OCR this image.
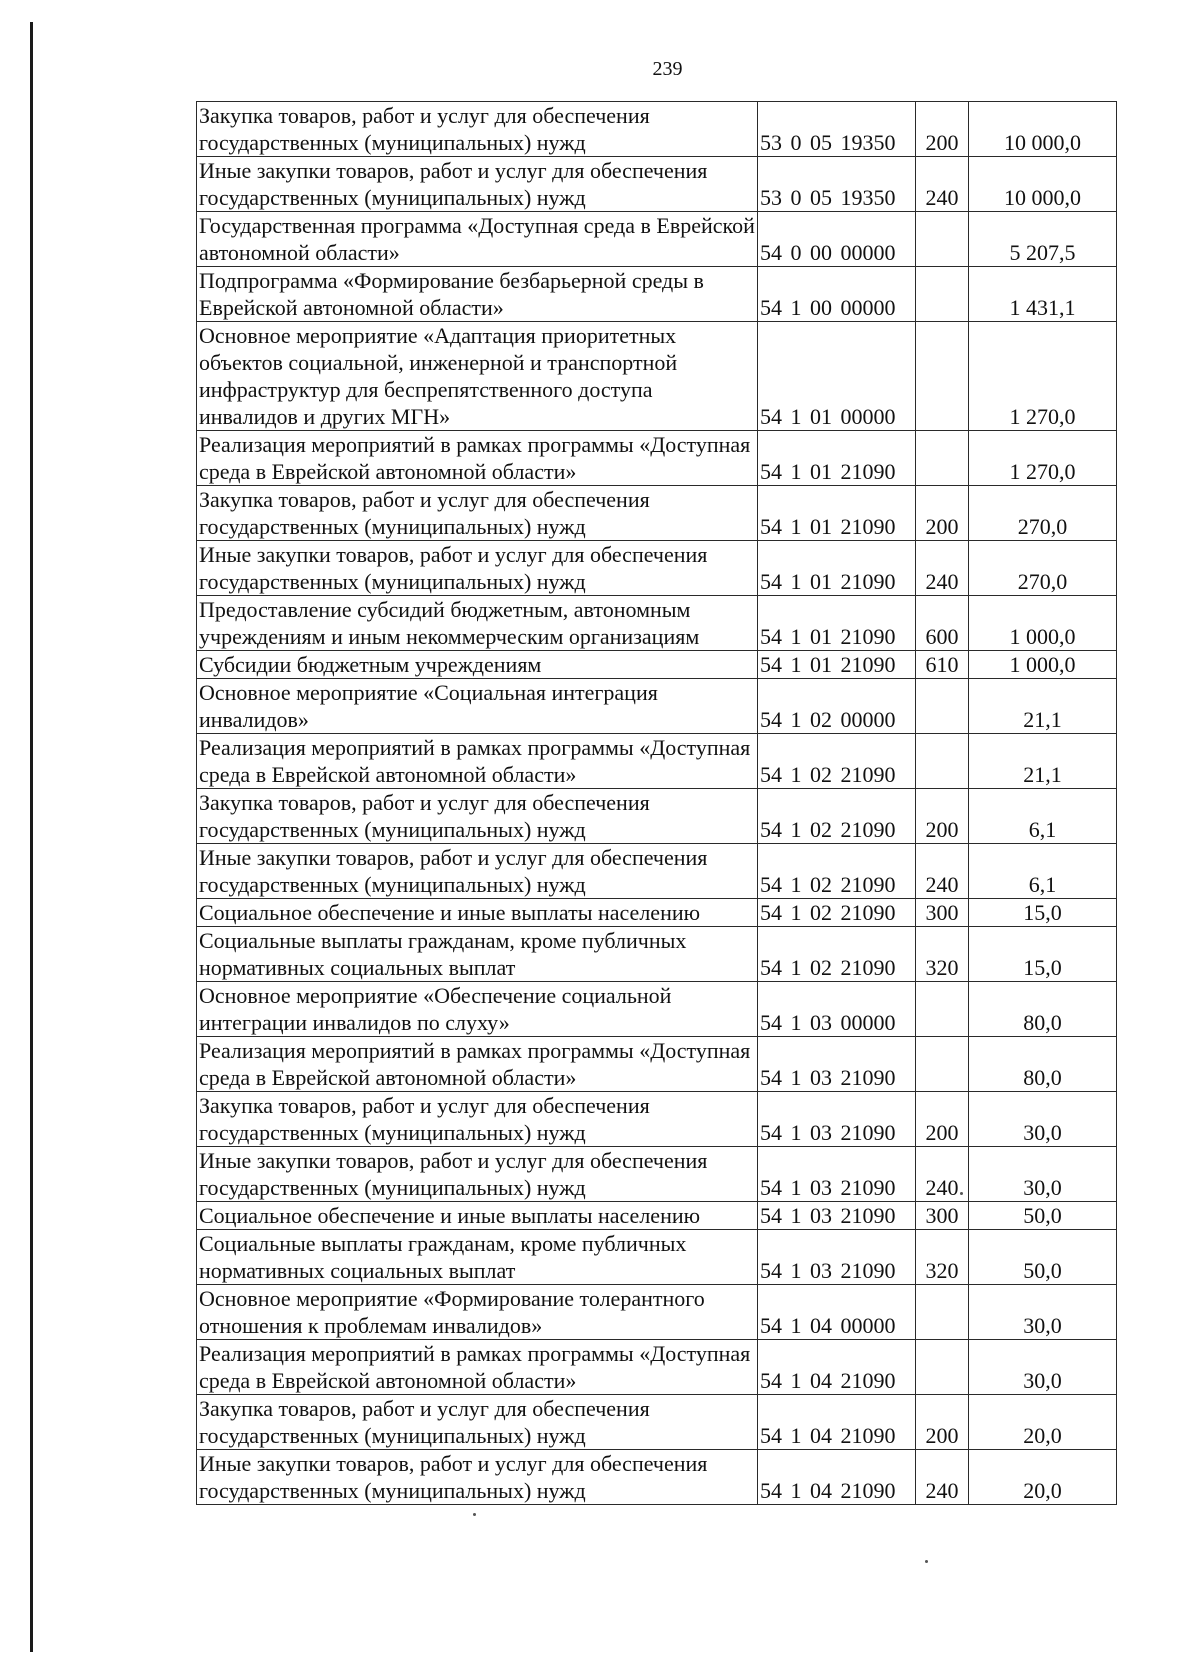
239
Закупка товаров, работ и услуг для обеспечения государственных (муниципальных) нужд	53 0 05 19350	200	10 000,0
Иные закупки товаров, работ и услуг для обеспечения государственных (муниципальных) нужд	53 0 05 19350	240	10 000,0
Государственная программа «Доступная среда в Еврейской автономной области»	54 0 00 00000		5 207,5
Подпрограмма «Формирование безбарьерной среды в Еврейской автономной области»	54 1 00 00000		1 431,1
Основное мероприятие «Адаптация приоритетных объектов социальной, инженерной и транспортной инфраструктур для беспрепятственного доступа инвалидов и других МГН»	54 1 01 00000		1 270,0
Реализация мероприятий в рамках программы «Доступная среда в Еврейской автономной области»	54 1 01 21090		1 270,0
Закупка товаров, работ и услуг для обеспечения государственных (муниципальных) нужд	54 1 01 21090	200	270,0
Иные закупки товаров, работ и услуг для обеспечения государственных (муниципальных) нужд	54 1 01 21090	240	270,0
Предоставление субсидий бюджетным, автономным учреждениям и иным некоммерческим организациям	54 1 01 21090	600	1 000,0
Субсидии бюджетным учреждениям	54 1 01 21090	610	1 000,0
Основное мероприятие «Социальная интеграция инвалидов»	54 1 02 00000		21,1
Реализация мероприятий в рамках программы «Доступная среда в Еврейской автономной области»	54 1 02 21090		21,1
Закупка товаров, работ и услуг для обеспечения государственных (муниципальных) нужд	54 1 02 21090	200	6,1
Иные закупки товаров, работ и услуг для обеспечения государственных (муниципальных) нужд	54 1 02 21090	240	6,1
Социальное обеспечение и иные выплаты населению	54 1 02 21090	300	15,0
Социальные выплаты гражданам, кроме публичных нормативных социальных выплат	54 1 02 21090	320	15,0
Основное мероприятие «Обеспечение социальной интеграции инвалидов по слуху»	54 1 03 00000		80,0
Реализация мероприятий в рамках программы «Доступная среда в Еврейской автономной области»	54 1 03 21090		80,0
Закупка товаров, работ и услуг для обеспечения государственных (муниципальных) нужд	54 1 03 21090	200	30,0
Иные закупки товаров, работ и услуг для обеспечения государственных (муниципальных) нужд	54 1 03 21090	240	30,0
Социальное обеспечение и иные выплаты населению	54 1 03 21090	300	50,0
Социальные выплаты гражданам, кроме публичных нормативных социальных выплат	54 1 03 21090	320	50,0
Основное мероприятие «Формирование толерантного отношения к проблемам инвалидов»	54 1 04 00000		30,0
Реализация мероприятий в рамках программы «Доступная среда в Еврейской автономной области»	54 1 04 21090		30,0
Закупка товаров, работ и услуг для обеспечения государственных (муниципальных) нужд	54 1 04 21090	200	20,0
Иные закупки товаров, работ и услуг для обеспечения государственных (муниципальных) нужд	54 1 04 21090	240	20,0
